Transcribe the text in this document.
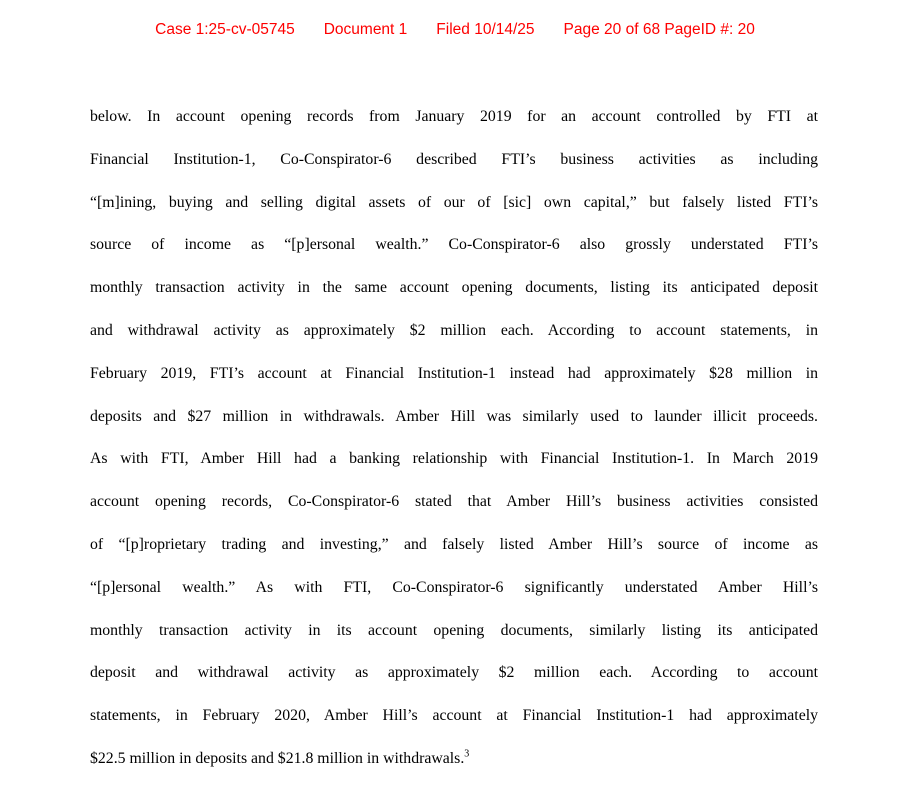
Case 1:25-cv-05745 Document 1 Filed 10/14/25 Page 20 of 68 PageID #: 20
below. In account opening records from January 2019 for an account controlled by FTI at
Financial Institution-1, Co-Conspirator-6 described FTI’s business activities as including
“[m]ining, buying and selling digital assets of our of [sic] own capital,” but falsely listed FTI’s
source of income as “[p]ersonal wealth.” Co-Conspirator-6 also grossly understated FTI’s
monthly transaction activity in the same account opening documents, listing its anticipated deposit
and withdrawal activity as approximately $2 million each. According to account statements, in
February 2019, FTI’s account at Financial Institution-1 instead had approximately $28 million in
deposits and $27 million in withdrawals. Amber Hill was similarly used to launder illicit proceeds.
As with FTI, Amber Hill had a banking relationship with Financial Institution-1. In March 2019
account opening records, Co-Conspirator-6 stated that Amber Hill’s business activities consisted
of “[p]roprietary trading and investing,” and falsely listed Amber Hill’s source of income as
“[p]ersonal wealth.” As with FTI, Co-Conspirator-6 significantly understated Amber Hill’s
monthly transaction activity in its account opening documents, similarly listing its anticipated
deposit and withdrawal activity as approximately $2 million each. According to account
statements, in February 2020, Amber Hill’s account at Financial Institution-1 had approximately
$22.5 million in deposits and $21.8 million in withdrawals.$^3$
